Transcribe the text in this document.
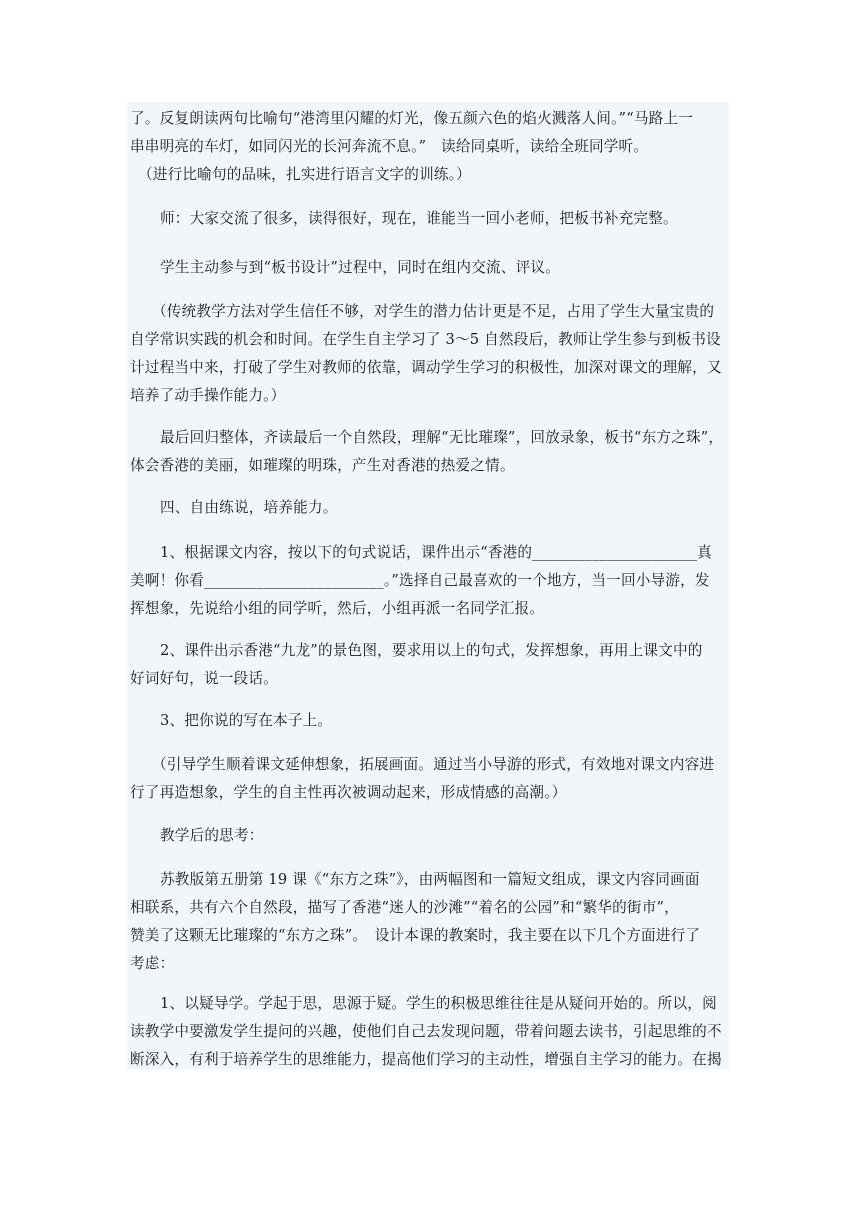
了。反复朗读两句比喻句“港湾里闪耀的灯光，像五颜六色的焰火溅落人间。”“马路上一
串串明亮的车灯，如同闪光的长河奔流不息。”　读给同桌听，读给全班同学听。
（进行比喻句的品味，扎实进行语言文字的训练。）
师：大家交流了很多，读得很好，现在，谁能当一回小老师，把板书补充完整。
学生主动参与到“板书设计”过程中，同时在组内交流、评议。
（传统教学方法对学生信任不够，对学生的潜力估计更是不足，占用了学生大量宝贵的
自学常识实践的机会和时间。在学生自主学习了 3～5 自然段后，教师让学生参与到板书设
计过程当中来，打破了学生对教师的依靠，调动学生学习的积极性，加深对课文的理解，又
培养了动手操作能力。）
最后回归整体，齐读最后一个自然段，理解“无比璀璨”，回放录象，板书“东方之珠”，
体会香港的美丽，如璀璨的明珠，产生对香港的热爱之情。
四、自由练说，培养能力。
1、根据课文内容，按以下的句式说话，课件出示“香港的______________________真
美啊！你看________________________。”选择自己最喜欢的一个地方，当一回小导游，发
挥想象，先说给小组的同学听，然后，小组再派一名同学汇报。
2、课件出示香港“九龙”的景色图，要求用以上的句式，发挥想象，再用上课文中的
好词好句，说一段话。
3、把你说的写在本子上。
（引导学生顺着课文延伸想象，拓展画面。通过当小导游的形式，有效地对课文内容进
行了再造想象，学生的自主性再次被调动起来，形成情感的高潮。）
教学后的思考：
苏教版第五册第 19 课《“东方之珠”》，由两幅图和一篇短文组成，课文内容同画面
相联系，共有六个自然段，描写了香港“迷人的沙滩”“着名的公园”和“繁华的街市”，
赞美了这颗无比璀璨的“东方之珠”。　设计本课的教案时，我主要在以下几个方面进行了
考虑：
1、以疑导学。学起于思，思源于疑。学生的积极思维往往是从疑问开始的。所以，阅
读教学中要激发学生提问的兴趣，使他们自己去发现问题，带着问题去读书，引起思维的不
断深入，有利于培养学生的思维能力，提高他们学习的主动性，增强自主学习的能力。在揭
